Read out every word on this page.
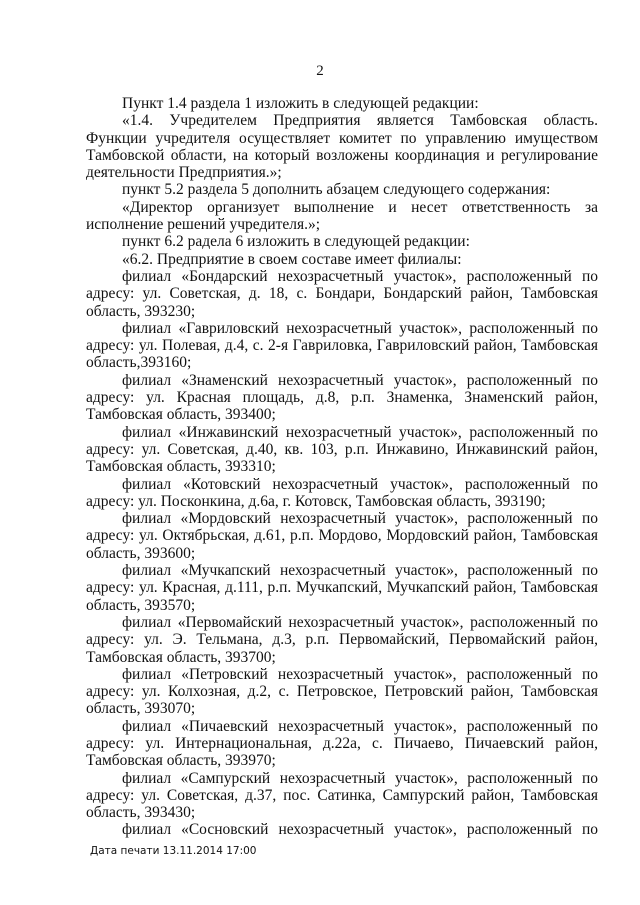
2

Пункт 1.4 раздела 1 изложить в следующей редакции:

«1.4. Учредителем Предприятия является Тамбовская область. Функции учредителя осуществляет комитет по управлению имуществом Тамбовской области, на который возложены координация и регулирование деятельности Предприятия.»;

пункт 5.2 раздела 5 дополнить абзацем следующего содержания:

«Директор организует выполнение и несет ответственность за исполнение решений учредителя.»;

пункт 6.2 радела 6 изложить в следующей редакции:

«6.2. Предприятие в своем составе имеет филиалы:

филиал «Бондарский нехозрасчетный участок», расположенный по адресу: ул. Советская, д. 18, с. Бондари, Бондарский район, Тамбовская область, 393230;

филиал «Гавриловский нехозрасчетный участок», расположенный по адресу: ул. Полевая, д.4, с. 2-я Гавриловка, Гавриловский район, Тамбовская область,393160;

филиал «Знаменский нехозрасчетный участок», расположенный по адресу: ул. Красная площадь, д.8, р.п. Знаменка, Знаменский район, Тамбовская область, 393400;

филиал «Инжавинский нехозрасчетный участок», расположенный по адресу: ул. Советская, д.40, кв. 103, р.п. Инжавино, Инжавинский район, Тамбовская область, 393310;

филиал «Котовский нехозрасчетный участок», расположенный по адресу: ул. Посконкина, д.6а, г. Котовск, Тамбовская область, 393190;

филиал «Мордовский нехозрасчетный участок», расположенный по адресу: ул. Октябрьская, д.61, р.п. Мордово, Мордовский район, Тамбовская область, 393600;

филиал «Мучкапский нехозрасчетный участок», расположенный по адресу: ул. Красная, д.111, р.п. Мучкапский, Мучкапский район, Тамбовская область, 393570;

филиал «Первомайский нехозрасчетный участок», расположенный по адресу: ул. Э. Тельмана, д.3, р.п. Первомайский, Первомайский район, Тамбовская область, 393700;

филиал «Петровский нехозрасчетный участок», расположенный по адресу: ул. Колхозная, д.2, с. Петровское, Петровский район, Тамбовская область, 393070;

филиал «Пичаевский нехозрасчетный участок», расположенный по адресу: ул. Интернациональная, д.22а, с. Пичаево, Пичаевский район, Тамбовская область, 393970;

филиал «Сампурский нехозрасчетный участок», расположенный по адресу: ул. Советская, д.37, пос. Сатинка, Сампурский район, Тамбовская область, 393430;

филиал «Сосновский нехозрасчетный участок», расположенный по

Дата печати 13.11.2014 17:00
